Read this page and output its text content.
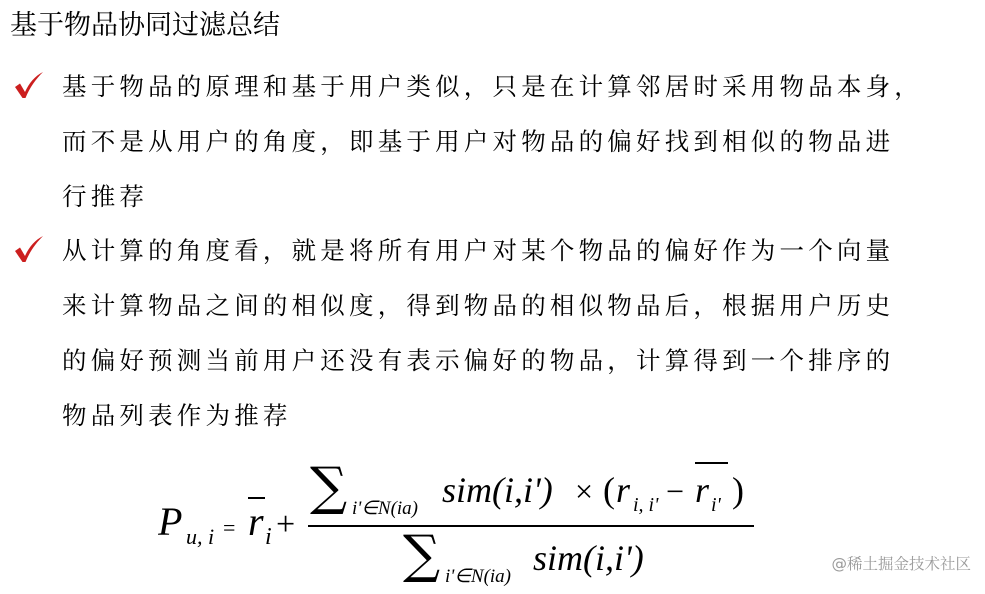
基于物品协同过滤总结
基于物品的原理和基于用户类似，只是在计算邻居时采用物品本身，
而不是从用户的角度，即基于用户对物品的偏好找到相似的物品进
行推荐
从计算的角度看，就是将所有用户对某个物品的偏好作为一个向量
来计算物品之间的相似度，得到物品的相似物品后，根据用户历史
的偏好预测当前用户还没有表示偏好的物品，计算得到一个排序的
物品列表作为推荐
P u, i = r i +
∑ i'∈N(ia) sim(i,i') × ( r i, i' − r i' )
∑ i'∈N(ia) sim(i,i')	@稀土掘金技术社区
